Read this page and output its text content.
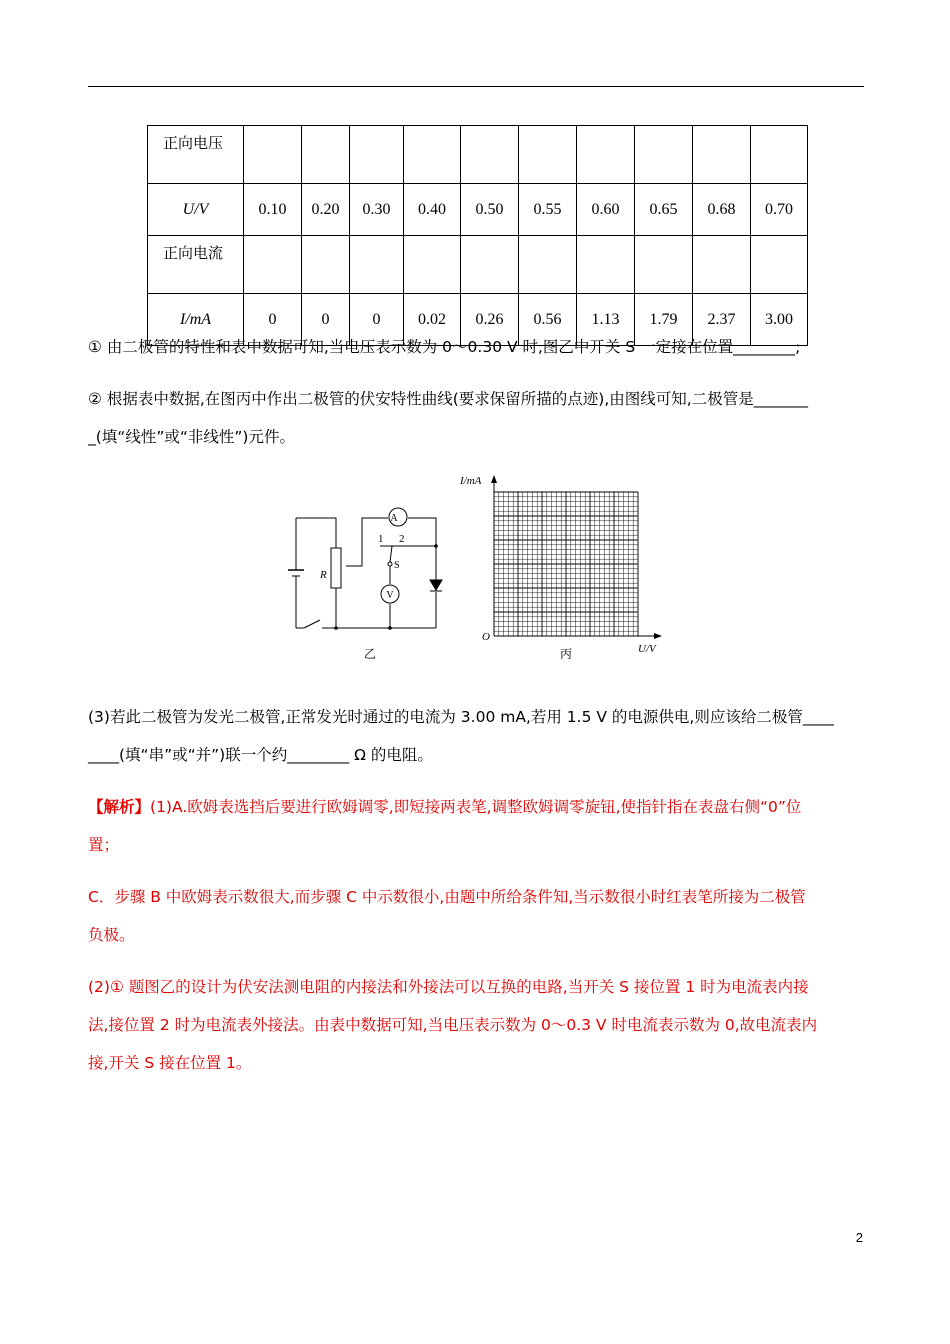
正向电压										
U/V	0.10	0.20	0.30	0.40	0.50	0.55	0.60	0.65	0.68	0.70
正向电流										
I/mA	0	0	0	0.02	0.26	0.56	1.13	1.79	2.37	3.00
① 由二极管的特性和表中数据可知,当电压表示数为 0～0.30 V 时,图乙中开关 S 一定接在位置________;
② 根据表中数据,在图丙中作出二极管的伏安特性曲线(要求保留所描的点迹),由图线可知,二极管是_______
_(填“线性”或“非线性”)元件。
A
V
R
S
1 2
乙
I/mA
U/V
O
丙
(3)若此二极管为发光二极管,正常发光时通过的电流为 3.00 mA,若用 1.5 V 的电源供电,则应该给二极管____
____(填“串”或“并”)联一个约________ Ω 的电阻。
【解析】(1)A.欧姆表选挡后要进行欧姆调零,即短接两表笔,调整欧姆调零旋钮,使指针指在表盘右侧“0”位
置；
C．步骤 B 中欧姆表示数很大,而步骤 C 中示数很小,由题中所给条件知,当示数很小时红表笔所接为二极管
负极。
(2)① 题图乙的设计为伏安法测电阻的内接法和外接法可以互换的电路,当开关 S 接位置 1 时为电流表内接
法,接位置 2 时为电流表外接法。由表中数据可知,当电压表示数为 0～0.3 V 时电流表示数为 0,故电流表内
接,开关 S 接在位置 1。
2
